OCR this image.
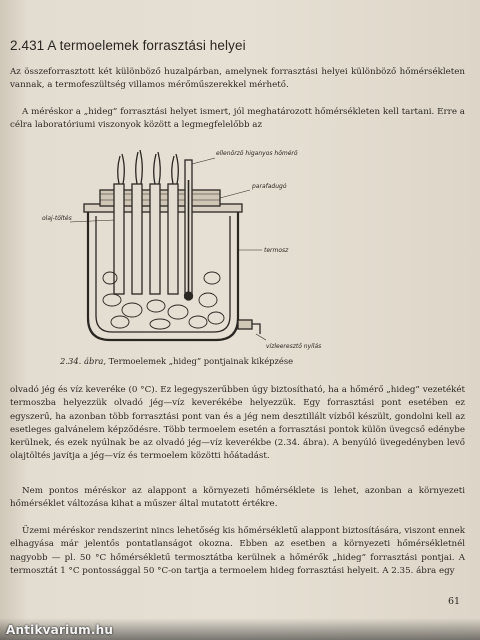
2.431 A termoelemek forrasztási helyei
Az összeforrasztott két különböző huzalpárban, amelynek forrasztási helyei különböző hőmérsékleten vannak, a termofeszültség villamos mérőműszerekkel mérhető.
A méréskor a „hideg” forrasztási helyet ismert, jól meghatározott hőmérsékleten kell tartani. Erre a célra laboratóriumi viszonyok között a legmegfelelőbb az
ellenőrző higanyos hőmérő
parafadugó
olaj-töltés
termosz
vízleeresztő nyílás
2.34. ábra, Termoelemek „hideg” pontjainak kiképzése
olvadó jég és víz keveréke (0 °C). Ez legegyszerűbben úgy biztosítható, ha a hőmérő „hideg” vezetékét termoszba helyezzük olvadó jég—víz keverékébe helyezzük. Egy forrasztási pont esetében ez egyszerű, ha azonban több forrasztási pont van és a jég nem desztillált vízből készült, gondolni kell az esetleges galvánelem képződésre. Több termoelem esetén a forrasztási pontok külön üvegcső edénybe kerülnek, és ezek nyúlnak be az olvadó jég—víz keverékbe (2.34. ábra). A benyúló üvegedényben levő olajtöltés javítja a jég—víz és termoelem közötti hőátadást.
Nem pontos méréskor az alappont a környezeti hőmérséklete is lehet, azonban a környezeti hőmérséklet változása kihat a műszer által mutatott értékre.
Üzemi méréskor rendszerint nincs lehetőség kis hőmérsékletű alappont biztosítására, viszont ennek elhagyása már jelentős pontatlanságot okozna. Ebben az esetben a környezeti hőmérsékletnél nagyobb — pl. 50 °C hőmérsékletű termosztátba kerülnek a hőmérők „hideg” forrasztási pontjai. A termosztát 1 °C pontossággal 50 °C-on tartja a termoelem hideg forrasztási helyeit. A 2.35. ábra egy
61
Antikvarium.hu
